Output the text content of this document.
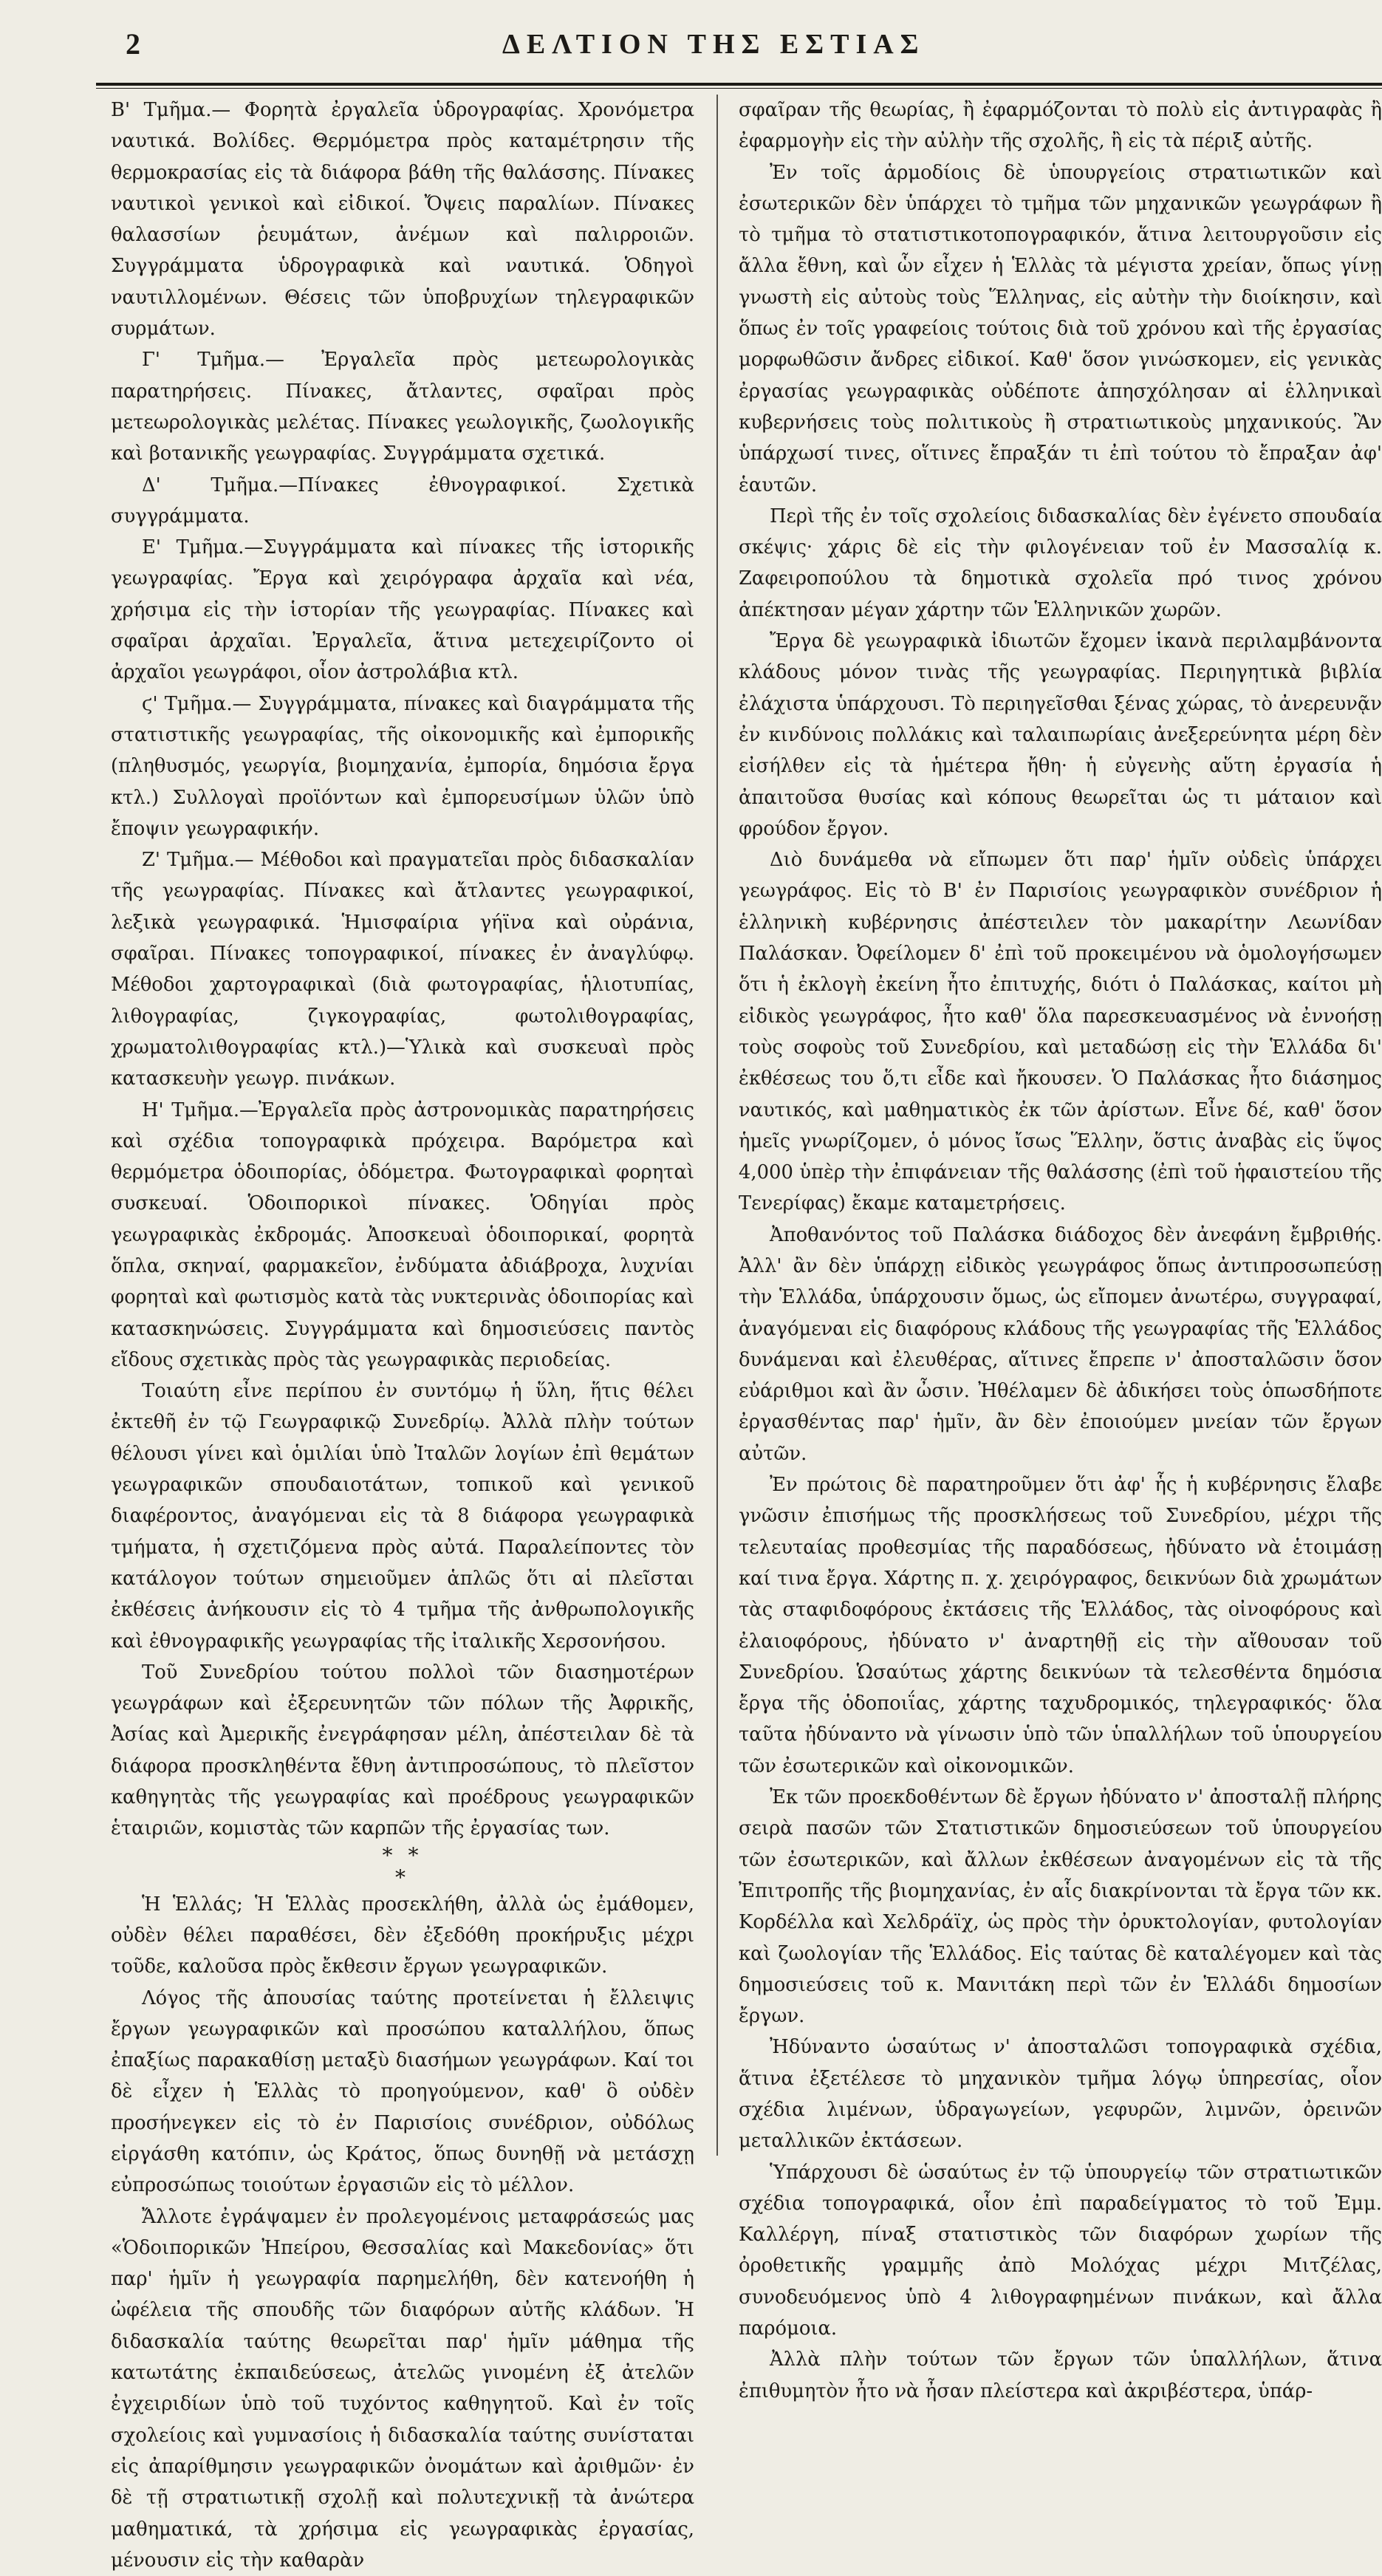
2	ΔΕΛΤΙΟΝ ΤΗΣ ΕΣΤΙΑΣ

Β' Τμῆμα.— Φορητὰ ἐργαλεῖα ὑδρογραφίας. Χρονόμετρα ναυτικά. Βολίδες. Θερμόμετρα πρὸς καταμέτρησιν τῆς θερμοκρασίας εἰς τὰ διάφορα βάθη τῆς θαλάσσης. Πίνακες ναυτικοὶ γενικοὶ καὶ εἰδικοί. Ὄψεις παραλίων. Πίνακες θαλασσίων ῥευμάτων, ἀνέμων καὶ παλιρροιῶν. Συγγράμματα ὑδρογραφικὰ καὶ ναυτικά. Ὁδηγοὶ ναυτιλλομένων. Θέσεις τῶν ὑποβρυχίων τηλεγραφικῶν συρμάτων.

Γ' Τμῆμα.— Ἐργαλεῖα πρὸς μετεωρολογικὰς παρατηρήσεις. Πίνακες, ἄτλαντες, σφαῖραι πρὸς μετεωρολογικὰς μελέτας. Πίνακες γεωλογικῆς, ζωολογικῆς καὶ βοτανικῆς γεωγραφίας. Συγγράμματα σχετικά.

Δ' Τμῆμα.—Πίνακες ἐθνογραφικοί. Σχετικὰ συγγράμματα.

Ε' Τμῆμα.—Συγγράμματα καὶ πίνακες τῆς ἱστορικῆς γεωγραφίας. Ἔργα καὶ χειρόγραφα ἀρχαῖα καὶ νέα, χρήσιμα εἰς τὴν ἱστορίαν τῆς γεωγραφίας. Πίνακες καὶ σφαῖραι ἀρχαῖαι. Ἐργαλεῖα, ἅτινα μετεχειρίζοντο οἱ ἀρχαῖοι γεωγράφοι, οἷον ἀστρολάβια κτλ.

ϛ' Τμῆμα.— Συγγράμματα, πίνακες καὶ διαγράμματα τῆς στατιστικῆς γεωγραφίας, τῆς οἰκονομικῆς καὶ ἐμπορικῆς (πληθυσμός, γεωργία, βιομηχανία, ἐμπορία, δημόσια ἔργα κτλ.) Συλλογαὶ προϊόντων καὶ ἐμπορευσίμων ὑλῶν ὑπὸ ἔποψιν γεωγραφικήν.

Ζ' Τμῆμα.— Μέθοδοι καὶ πραγματεῖαι πρὸς διδασκαλίαν τῆς γεωγραφίας. Πίνακες καὶ ἄτλαντες γεωγραφικοί, λεξικὰ γεωγραφικά. Ἡμισφαίρια γήϊνα καὶ οὐράνια, σφαῖραι. Πίνακες τοπογραφικοί, πίνακες ἐν ἀναγλύφῳ. Μέθοδοι χαρτογραφικαὶ (διὰ φωτογραφίας, ἡλιοτυπίας, λιθογραφίας, ζιγκογραφίας, φωτολιθογραφίας, χρωματολιθογραφίας κτλ.)—Ὑλικὰ καὶ συσκευαὶ πρὸς κατασκευὴν γεωγρ. πινάκων.

Η' Τμῆμα.—Ἐργαλεῖα πρὸς ἀστρονομικὰς παρατηρήσεις καὶ σχέδια τοπογραφικὰ πρόχειρα. Βαρόμετρα καὶ θερμόμετρα ὁδοιπορίας, ὁδόμετρα. Φωτογραφικαὶ φορηταὶ συσκευαί. Ὁδοιπορικοὶ πίνακες. Ὁδηγίαι πρὸς γεωγραφικὰς ἐκδρομάς. Ἀποσκευαὶ ὁδοιπορικαί, φορητὰ ὅπλα, σκηναί, φαρμακεῖον, ἐνδύματα ἀδιάβροχα, λυχνίαι φορηταὶ καὶ φωτισμὸς κατὰ τὰς νυκτερινὰς ὁδοιπορίας καὶ κατασκηνώσεις. Συγγράμματα καὶ δημοσιεύσεις παντὸς εἴδους σχετικὰς πρὸς τὰς γεωγραφικὰς περιοδείας.

Τοιαύτη εἶνε περίπου ἐν συντόμῳ ἡ ὕλη, ἥτις θέλει ἐκτεθῆ ἐν τῷ Γεωγραφικῷ Συνεδρίῳ. Ἀλλὰ πλὴν τούτων θέλουσι γίνει καὶ ὁμιλίαι ὑπὸ Ἰταλῶν λογίων ἐπὶ θεμάτων γεωγραφικῶν σπουδαιοτάτων, τοπικοῦ καὶ γενικοῦ διαφέροντος, ἀναγόμεναι εἰς τὰ 8 διάφορα γεωγραφικὰ τμήματα, ἡ σχετιζόμενα πρὸς αὐτά. Παραλείποντες τὸν κατάλογον τούτων σημειοῦμεν ἁπλῶς ὅτι αἱ πλεῖσται ἐκθέσεις ἀνήκουσιν εἰς τὸ 4 τμῆμα τῆς ἀνθρωπολογικῆς καὶ ἐθνογραφικῆς γεωγραφίας τῆς ἰταλικῆς Χερσονήσου.

Τοῦ Συνεδρίου τούτου πολλοὶ τῶν διασημοτέρων γεωγράφων καὶ ἐξερευνητῶν τῶν πόλων τῆς Ἀφρικῆς, Ἀσίας καὶ Ἀμερικῆς ἐνεγράφησαν μέλη, ἀπέστειλαν δὲ τὰ διάφορα προσκληθέντα ἔθνη ἀντιπροσώπους, τὸ πλεῖστον καθηγητὰς τῆς γεωγραφίας καὶ προέδρους γεωγραφικῶν ἑταιριῶν, κομιστὰς τῶν καρπῶν τῆς ἐργασίας των.

* *
*

Ἡ Ἑλλάς; Ἡ Ἑλλὰς προσεκλήθη, ἀλλὰ ὡς ἐμάθομεν, οὐδὲν θέλει παραθέσει, δὲν ἐξεδόθη προκήρυξις μέχρι τοῦδε, καλοῦσα πρὸς ἔκθεσιν ἔργων γεωγραφικῶν.

Λόγος τῆς ἀπουσίας ταύτης προτείνεται ἡ ἔλλειψις ἔργων γεωγραφικῶν καὶ προσώπου καταλλήλου, ὅπως ἐπαξίως παρακαθίσῃ μεταξὺ διασήμων γεωγράφων. Καί τοι δὲ εἶχεν ἡ Ἑλλὰς τὸ προηγούμενον, καθ' ὃ οὐδὲν προσήνεγκεν εἰς τὸ ἐν Παρισίοις συνέδριον, οὐδόλως εἰργάσθη κατόπιν, ὡς Κράτος, ὅπως δυνηθῇ νὰ μετάσχῃ εὐπροσώπως τοιούτων ἐργασιῶν εἰς τὸ μέλλον.

Ἄλλοτε ἐγράψαμεν ἐν προλεγομένοις μεταφράσεώς μας «Ὁδοιπορικῶν Ἠπείρου, Θεσσαλίας καὶ Μακεδονίας» ὅτι παρ' ἡμῖν ἡ γεωγραφία παρημελήθη, δὲν κατενοήθη ἡ ὠφέλεια τῆς σπουδῆς τῶν διαφόρων αὐτῆς κλάδων. Ἡ διδασκαλία ταύτης θεωρεῖται παρ' ἡμῖν μάθημα τῆς κατωτάτης ἐκπαιδεύσεως, ἀτελῶς γινομένη ἐξ ἀτελῶν ἐγχειριδίων ὑπὸ τοῦ τυχόντος καθηγητοῦ. Καὶ ἐν τοῖς σχολείοις καὶ γυμνασίοις ἡ διδασκαλία ταύτης συνίσταται εἰς ἀπαρίθμησιν γεωγραφικῶν ὀνομάτων καὶ ἀριθμῶν· ἐν δὲ τῇ στρατιωτικῇ σχολῇ καὶ πολυτεχνικῇ τὰ ἀνώτερα μαθηματικά, τὰ χρήσιμα εἰς γεωγραφικὰς ἐργασίας, μένουσιν εἰς τὴν καθαρὰν

σφαῖραν τῆς θεωρίας, ἢ ἐφαρμόζονται τὸ πολὺ εἰς ἀντιγραφὰς ἢ ἐφαρμογὴν εἰς τὴν αὐλὴν τῆς σχολῆς, ἢ εἰς τὰ πέριξ αὐτῆς.

Ἐν τοῖς ἁρμοδίοις δὲ ὑπουργείοις στρατιωτικῶν καὶ ἐσωτερικῶν δὲν ὑπάρχει τὸ τμῆμα τῶν μηχανικῶν γεωγράφων ἢ τὸ τμῆμα τὸ στατιστικοτοπογραφικόν, ἅτινα λειτουργοῦσιν εἰς ἄλλα ἔθνη, καὶ ὧν εἶχεν ἡ Ἑλλὰς τὰ μέγιστα χρείαν, ὅπως γίνῃ γνωστὴ εἰς αὐτοὺς τοὺς Ἕλληνας, εἰς αὐτὴν τὴν διοίκησιν, καὶ ὅπως ἐν τοῖς γραφείοις τούτοις διὰ τοῦ χρόνου καὶ τῆς ἐργασίας μορφωθῶσιν ἄνδρες εἰδικοί. Καθ' ὅσον γινώσκομεν, εἰς γενικὰς ἐργασίας γεωγραφικὰς οὐδέποτε ἀπησχόλησαν αἱ ἑλληνικαὶ κυβερνήσεις τοὺς πολιτικοὺς ἢ στρατιωτικοὺς μηχανικούς. Ἂν ὑπάρχωσί τινες, οἵτινες ἔπραξάν τι ἐπὶ τούτου τὸ ἔπραξαν ἀφ' ἑαυτῶν.

Περὶ τῆς ἐν τοῖς σχολείοις διδασκαλίας δὲν ἐγένετο σπουδαία σκέψις· χάρις δὲ εἰς τὴν φιλογένειαν τοῦ ἐν Μασσαλίᾳ κ. Ζαφειροπούλου τὰ δημοτικὰ σχολεῖα πρό τινος χρόνου ἀπέκτησαν μέγαν χάρτην τῶν Ἑλληνικῶν χωρῶν.

Ἔργα δὲ γεωγραφικὰ ἰδιωτῶν ἔχομεν ἱκανὰ περιλαμβάνοντα κλάδους μόνον τινὰς τῆς γεωγραφίας. Περιηγητικὰ βιβλία ἐλάχιστα ὑπάρχουσι. Τὸ περιηγεῖσθαι ξένας χώρας, τὸ ἀνερευνᾷν ἐν κινδύνοις πολλάκις καὶ ταλαιπωρίαις ἀνεξερεύνητα μέρη δὲν εἰσήλθεν εἰς τὰ ἡμέτερα ἤθη· ἡ εὐγενὴς αὕτη ἐργασία ἡ ἀπαιτοῦσα θυσίας καὶ κόπους θεωρεῖται ὡς τι μάταιον καὶ φρούδον ἔργον.

Διὸ δυνάμεθα νὰ εἴπωμεν ὅτι παρ' ἡμῖν οὐδεὶς ὑπάρχει γεωγράφος. Εἰς τὸ Β' ἐν Παρισίοις γεωγραφικὸν συνέδριον ἡ ἑλληνικὴ κυβέρνησις ἀπέστειλεν τὸν μακαρίτην Λεωνίδαν Παλάσκαν. Ὀφείλομεν δ' ἐπὶ τοῦ προκειμένου νὰ ὁμολογήσωμεν ὅτι ἡ ἐκλογὴ ἐκείνη ἦτο ἐπιτυχής, διότι ὁ Παλάσκας, καίτοι μὴ εἰδικὸς γεωγράφος, ἦτο καθ' ὅλα παρεσκευασμένος νὰ ἐννοήσῃ τοὺς σοφοὺς τοῦ Συνεδρίου, καὶ μεταδώσῃ εἰς τὴν Ἑλλάδα δι' ἐκθέσεως του ὅ,τι εἶδε καὶ ἤκουσεν. Ὁ Παλάσκας ἦτο διάσημος ναυτικός, καὶ μαθηματικὸς ἐκ τῶν ἀρίστων. Εἶνε δέ, καθ' ὅσον ἡμεῖς γνωρίζομεν, ὁ μόνος ἴσως Ἕλλην, ὅστις ἀναβὰς εἰς ὕψος 4,000 ὑπὲρ τὴν ἐπιφάνειαν τῆς θαλάσσης (ἐπὶ τοῦ ἡφαιστείου τῆς Τενερίφας) ἔκαμε καταμετρήσεις.

Ἀποθανόντος τοῦ Παλάσκα διάδοχος δὲν ἀνεφάνη ἔμβριθής. Ἀλλ' ἂν δὲν ὑπάρχῃ εἰδικὸς γεωγράφος ὅπως ἀντιπροσωπεύσῃ τὴν Ἑλλάδα, ὑπάρχουσιν ὅμως, ὡς εἴπομεν ἀνωτέρω, συγγραφαί, ἀναγόμεναι εἰς διαφόρους κλάδους τῆς γεωγραφίας τῆς Ἑλλάδος δυνάμεναι καὶ ἐλευθέρας, αἵτινες ἔπρεπε ν' ἀποσταλῶσιν ὅσον εὐάριθμοι καὶ ἂν ὦσιν. Ἠθέλαμεν δὲ ἀδικήσει τοὺς ὁπωσδήποτε ἐργασθέντας παρ' ἡμῖν, ἂν δὲν ἐποιούμεν μνείαν τῶν ἔργων αὐτῶν.

Ἐν πρώτοις δὲ παρατηροῦμεν ὅτι ἀφ' ἧς ἡ κυβέρνησις ἔλαβε γνῶσιν ἐπισήμως τῆς προσκλήσεως τοῦ Συνεδρίου, μέχρι τῆς τελευταίας προθεσμίας τῆς παραδόσεως, ἠδύνατο νὰ ἑτοιμάσῃ καί τινα ἔργα. Χάρτης π. χ. χειρόγραφος, δεικνύων διὰ χρωμάτων τὰς σταφιδοφόρους ἐκτάσεις τῆς Ἑλλάδος, τὰς οἰνοφόρους καὶ ἐλαιοφόρους, ἠδύνατο ν' ἀναρτηθῇ εἰς τὴν αἴθουσαν τοῦ Συνεδρίου. Ὡσαύτως χάρτης δεικνύων τὰ τελεσθέντα δημόσια ἔργα τῆς ὁδοποιΐας, χάρτης ταχυδρομικός, τηλεγραφικός· ὅλα ταῦτα ἠδύναντο νὰ γίνωσιν ὑπὸ τῶν ὑπαλλήλων τοῦ ὑπουργείου τῶν ἐσωτερικῶν καὶ οἰκονομικῶν.

Ἐκ τῶν προεκδοθέντων δὲ ἔργων ἠδύνατο ν' ἀποσταλῇ πλήρης σειρὰ πασῶν τῶν Στατιστικῶν δημοσιεύσεων τοῦ ὑπουργείου τῶν ἐσωτερικῶν, καὶ ἄλλων ἐκθέσεων ἀναγομένων εἰς τὰ τῆς Ἐπιτροπῆς τῆς βιομηχανίας, ἐν αἷς διακρίνονται τὰ ἔργα τῶν κκ. Κορδέλλα καὶ Χελδράϊχ, ὡς πρὸς τὴν ὀρυκτολογίαν, φυτολογίαν καὶ ζωολογίαν τῆς Ἑλλάδος. Εἰς ταύτας δὲ καταλέγομεν καὶ τὰς δημοσιεύσεις τοῦ κ. Μανιτάκη περὶ τῶν ἐν Ἑλλάδι δημοσίων ἔργων.

Ἠδύναντο ὡσαύτως ν' ἀποσταλῶσι τοπογραφικὰ σχέδια, ἅτινα ἐξετέλεσε τὸ μηχανικὸν τμῆμα λόγῳ ὑπηρεσίας, οἷον σχέδια λιμένων, ὑδραγωγείων, γεφυρῶν, λιμνῶν, ὀρεινῶν μεταλλικῶν ἐκτάσεων.

Ὑπάρχουσι δὲ ὡσαύτως ἐν τῷ ὑπουργείῳ τῶν στρατιωτικῶν σχέδια τοπογραφικά, οἷον ἐπὶ παραδείγματος τὸ τοῦ Ἐμμ. Καλλέργη, πίναξ στατιστικὸς τῶν διαφόρων χωρίων τῆς ὀροθετικῆς γραμμῆς ἀπὸ Μολόχας μέχρι Μιτζέλας, συνοδευόμενος ὑπὸ 4 λιθογραφημένων πινάκων, καὶ ἄλλα παρόμοια.

Ἀλλὰ πλὴν τούτων τῶν ἔργων τῶν ὑπαλλήλων, ἅτινα ἐπιθυμητὸν ἦτο νὰ ἦσαν πλείστερα καὶ ἀκριβέστερα, ὑπάρ-
